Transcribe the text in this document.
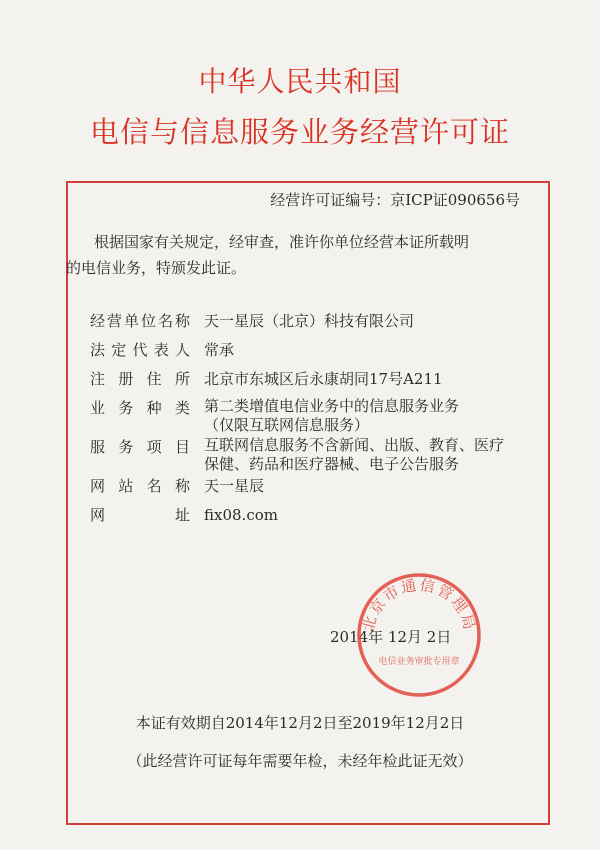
中华人民共和国
电信与信息服务业务经营许可证
经营许可证编号：京ICP证090656号
根据国家有关规定，经审查，准许你单位经营本证所载明
的电信业务，特颁发此证。
经营单位名称 天一星辰（北京）科技有限公司
法定代表人 常承
注册住所 北京市东城区后永康胡同17号A211
业务种类 第二类增值电信业务中的信息服务业务
（仅限互联网信息服务）
服务项目 互联网信息服务不含新闻、出版、教育、医疗
保健、药品和医疗器械、电子公告服务
网站名称 天一星辰
网址 fix08.com
2014年 12月 2日
北京市通信管理局
电信业务审批专用章
本证有效期自2014年12月2日至2019年12月2日
（此经营许可证每年需要年检，未经年检此证无效）
